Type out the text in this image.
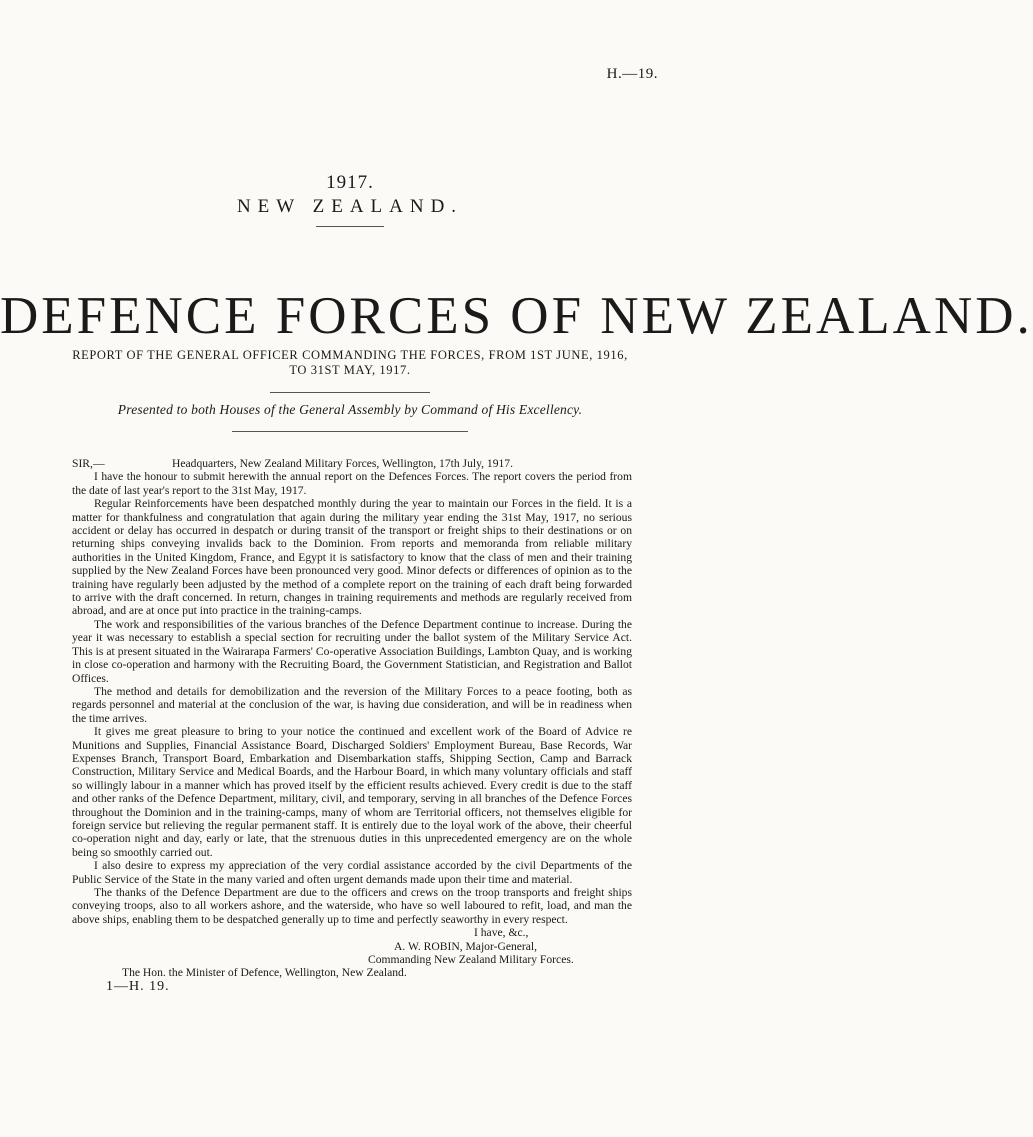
H.—19.
1917.
NEW ZEALAND.
DEFENCE FORCES OF NEW ZEALAND.
REPORT OF THE GENERAL OFFICER COMMANDING THE FORCES, FROM 1ST JUNE, 1916,
TO 31ST MAY, 1917.
Presented to both Houses of the General Assembly by Command of His Excellency.
SIR,—	Headquarters, New Zealand Military Forces, Wellington, 17th July, 1917.

I have the honour to submit herewith the annual report on the Defences Forces. The report covers the period from the date of last year's report to the 31st May, 1917.

Regular Reinforcements have been despatched monthly during the year to maintain our Forces in the field. It is a matter for thankfulness and congratulation that again during the military year ending the 31st May, 1917, no serious accident or delay has occurred in despatch or during transit of the transport or freight ships to their destinations or on returning ships conveying invalids back to the Dominion. From reports and memoranda from reliable military authorities in the United Kingdom, France, and Egypt it is satisfactory to know that the class of men and their training supplied by the New Zealand Forces have been pronounced very good. Minor defects or differences of opinion as to the training have regularly been adjusted by the method of a complete report on the training of each draft being forwarded to arrive with the draft concerned. In return, changes in training requirements and methods are regularly received from abroad, and are at once put into practice in the training-camps.

The work and responsibilities of the various branches of the Defence Department continue to increase. During the year it was necessary to establish a special section for recruiting under the ballot system of the Military Service Act. This is at present situated in the Wairarapa Farmers' Co-operative Association Buildings, Lambton Quay, and is working in close co-operation and harmony with the Recruiting Board, the Government Statistician, and Registration and Ballot Offices.

The method and details for demobilization and the reversion of the Military Forces to a peace footing, both as regards personnel and material at the conclusion of the war, is having due consideration, and will be in readiness when the time arrives.

It gives me great pleasure to bring to your notice the continued and excellent work of the Board of Advice re Munitions and Supplies, Financial Assistance Board, Discharged Soldiers' Employment Bureau, Base Records, War Expenses Branch, Transport Board, Embarkation and Disembarkation staffs, Shipping Section, Camp and Barrack Construction, Military Service and Medical Boards, and the Harbour Board, in which many voluntary officials and staff so willingly labour in a manner which has proved itself by the efficient results achieved. Every credit is due to the staff and other ranks of the Defence Department, military, civil, and temporary, serving in all branches of the Defence Forces throughout the Dominion and in the training-camps, many of whom are Territorial officers, not themselves eligible for foreign service but relieving the regular permanent staff. It is entirely due to the loyal work of the above, their cheerful co-operation night and day, early or late, that the strenuous duties in this unprecedented emergency are on the whole being so smoothly carried out.

I also desire to express my appreciation of the very cordial assistance accorded by the civil Departments of the Public Service of the State in the many varied and often urgent demands made upon their time and material.

The thanks of the Defence Department are due to the officers and crews on the troop transports and freight ships conveying troops, also to all workers ashore, and the waterside, who have so well laboured to refit, load, and man the above ships, enabling them to be despatched generally up to time and perfectly seaworthy in every respect.

I have, &c.,

A. W. ROBIN, Major-General,

Commanding New Zealand Military Forces.

The Hon. the Minister of Defence, Wellington, New Zealand.

1—H. 19.
